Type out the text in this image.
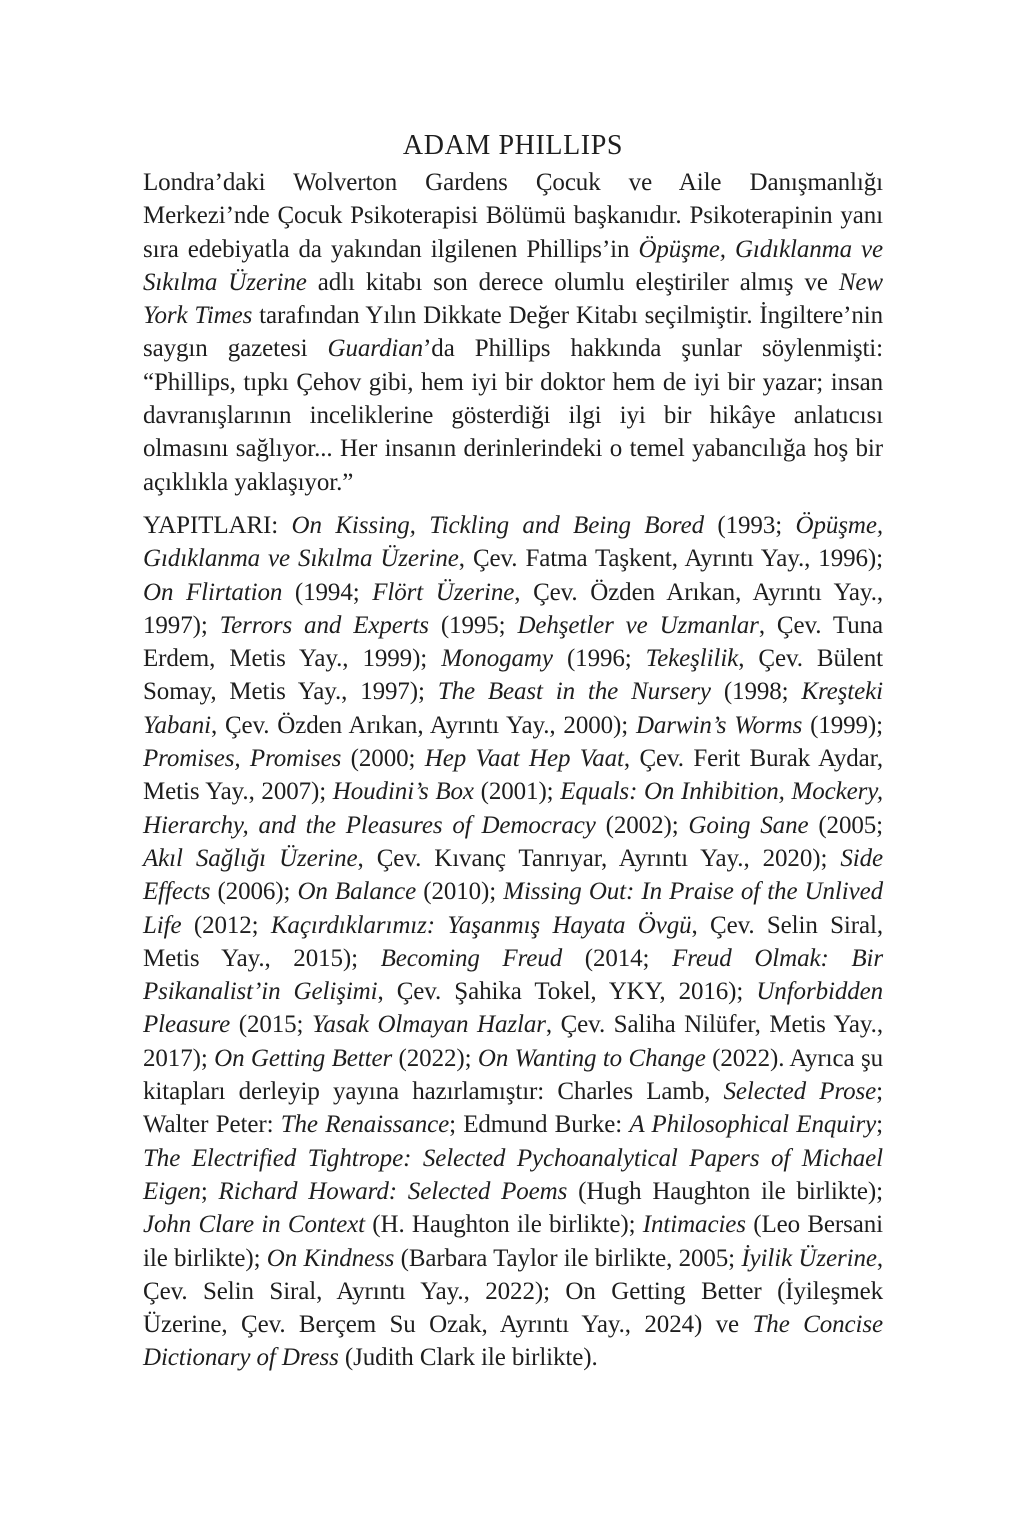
ADAM PHILLIPS

Londra’daki Wolverton Gardens Çocuk ve Aile Danışmanlığı Merkezi’nde Çocuk Psikoterapisi Bölümü başkanıdır. Psikoterapinin yanı sıra edebiyatla da yakından ilgilenen Phillips’in Öpüşme, Gıdıklanma ve Sıkılma Üzerine adlı kitabı son derece olumlu eleştiriler almış ve New York Times tarafından Yılın Dikkate Değer Kitabı seçilmiştir. İngiltere’nin saygın gazetesi Guardian’da Phillips hakkında şunlar söylenmişti: “Phillips, tıpkı Çehov gibi, hem iyi bir doktor hem de iyi bir yazar; insan davranışlarının inceliklerine gösterdiği ilgi iyi bir hikâye anlatıcısı olmasını sağlıyor... Her insanın derinlerindeki o temel yabancılığa hoş bir açıklıkla yaklaşıyor.”

YAPITLARI: On Kissing, Tickling and Being Bored (1993; Öpüşme, Gıdıklanma ve Sıkılma Üzerine, Çev. Fatma Taşkent, Ayrıntı Yay., 1996); On Flirtation (1994; Flört Üzerine, Çev. Özden Arıkan, Ayrıntı Yay., 1997); Terrors and Experts (1995; Dehşetler ve Uzmanlar, Çev. Tuna Erdem, Metis Yay., 1999); Monogamy (1996; Tekeşlilik, Çev. Bülent Somay, Metis Yay., 1997); The Beast in the Nursery (1998; Kreşteki Yabani, Çev. Özden Arıkan, Ayrıntı Yay., 2000); Darwin’s Worms (1999); Promises, Promises (2000; Hep Vaat Hep Vaat, Çev. Ferit Burak Aydar, Metis Yay., 2007); Houdini’s Box (2001); Equals: On Inhibition, Mockery, Hierarchy, and the Pleasures of Democracy (2002); Going Sane (2005; Akıl Sağlığı Üzerine, Çev. Kıvanç Tanrıyar, Ayrıntı Yay., 2020); Side Effects (2006); On Balance (2010); Missing Out: In Praise of the Unlived Life (2012; Kaçırdıklarımız: Yaşanmış Hayata Övgü, Çev. Selin Siral, Metis Yay., 2015); Becoming Freud (2014; Freud Olmak: Bir Psikanalist’in Gelişimi, Çev. Şahika Tokel, YKY, 2016); Unforbidden Pleasure (2015; Yasak Olmayan Hazlar, Çev. Saliha Nilüfer, Metis Yay., 2017); On Getting Better (2022); On Wanting to Change (2022). Ayrıca şu kitapları derleyip yayına hazırlamıştır: Charles Lamb, Selected Prose; Walter Peter: The Renaissance; Edmund Burke: A Philosophical Enquiry; The Electrified Tightrope: Selected Pychoanalytical Papers of Michael Eigen; Richard Howard: Selected Poems (Hugh Haughton ile birlikte); John Clare in Context (H. Haughton ile birlikte); Intimacies (Leo Bersani ile birlikte); On Kindness (Barbara Taylor ile birlikte, 2005; İyilik Üzerine, Çev. Selin Siral, Ayrıntı Yay., 2022); On Getting Better (İyileşmek Üzerine, Çev. Berçem Su Ozak, Ayrıntı Yay., 2024) ve The Concise Dictionary of Dress (Judith Clark ile birlikte).
